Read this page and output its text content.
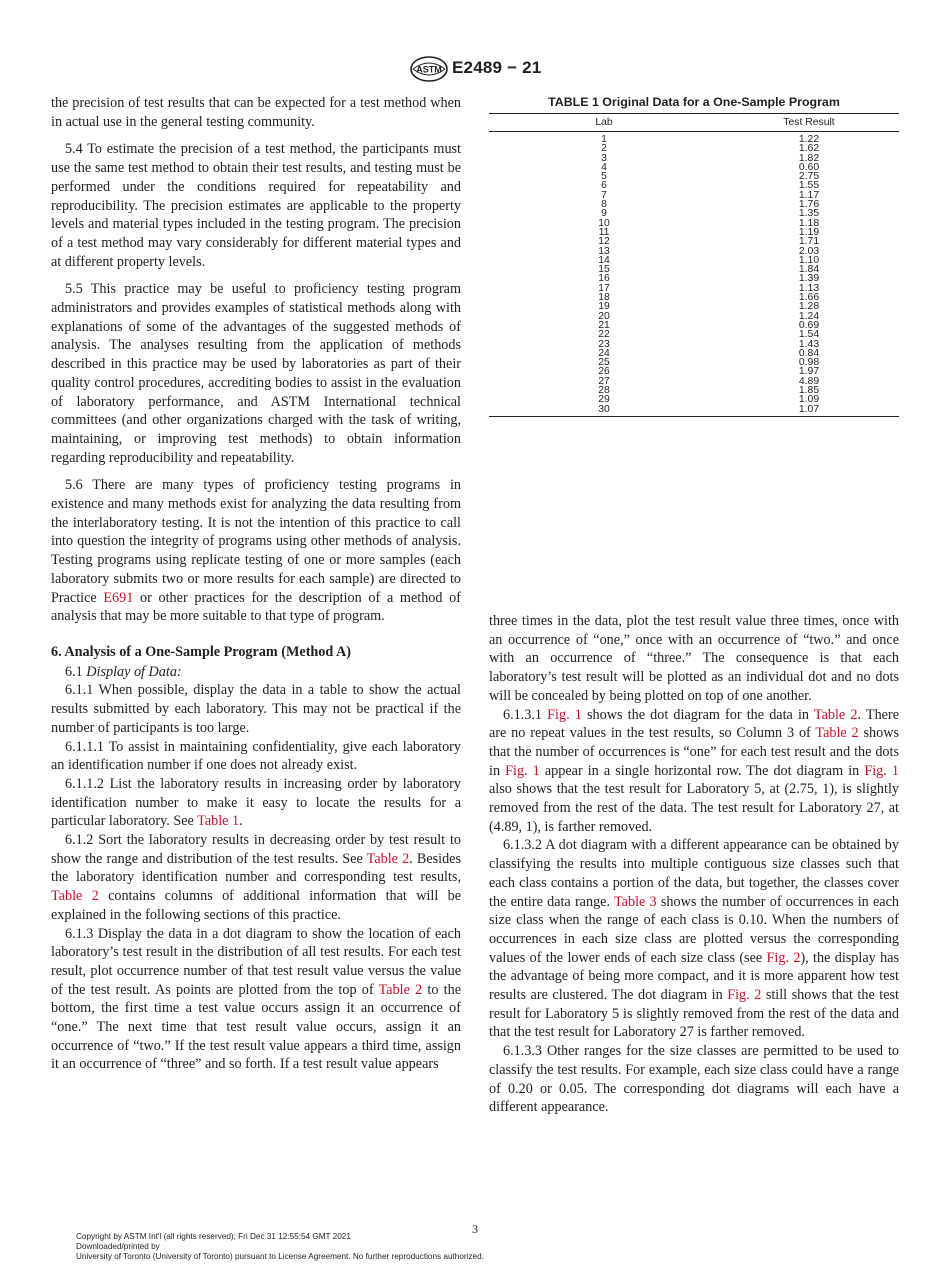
ASTM E2489 − 21

the precision of test results that can be expected for a test method when in actual use in the general testing community.

5.4 To estimate the precision of a test method, the participants must use the same test method to obtain their test results, and testing must be performed under the conditions required for repeatability and reproducibility. The precision estimates are applicable to the property levels and material types included in the testing program. The precision of a test method may vary considerably for different material types and at different property levels.

5.5 This practice may be useful to proficiency testing program administrators and provides examples of statistical methods along with explanations of some of the advantages of the suggested methods of analysis. The analyses resulting from the application of methods described in this practice may be used by laboratories as part of their quality control procedures, accrediting bodies to assist in the evaluation of laboratory performance, and ASTM International technical committees (and other organizations charged with the task of writing, maintaining, or improving test methods) to obtain information regarding reproducibility and repeatability.

5.6 There are many types of proficiency testing programs in existence and many methods exist for analyzing the data resulting from the interlaboratory testing. It is not the intention of this practice to call into question the integrity of programs using other methods of analysis. Testing programs using replicate testing of one or more samples (each laboratory submits two or more results for each sample) are directed to Practice E691 or other practices for the description of a method of analysis that may be more suitable to that type of program.

6. Analysis of a One-Sample Program (Method A)

6.1 Display of Data:

6.1.1 When possible, display the data in a table to show the actual results submitted by each laboratory. This may not be practical if the number of participants is too large.

6.1.1.1 To assist in maintaining confidentiality, give each laboratory an identification number if one does not already exist.

6.1.1.2 List the laboratory results in increasing order by laboratory identification number to make it easy to locate the results for a particular laboratory. See Table 1.

6.1.2 Sort the laboratory results in decreasing order by test result to show the range and distribution of the test results. See Table 2. Besides the laboratory identification number and corresponding test results, Table 2 contains columns of additional information that will be explained in the following sections of this practice.

6.1.3 Display the data in a dot diagram to show the location of each laboratory’s test result in the distribution of all test results. For each test result, plot occurrence number of that test result value versus the value of the test result. As points are plotted from the top of Table 2 to the bottom, the first time a test value occurs assign it an occurrence of “one.” The next time that test result value occurs, assign it an occurrence of “two.” If the test result value appears a third time, assign it an occurrence of “three” and so forth. If a test result value appears

TABLE 1 Original Data for a One-Sample Program
Lab	Test Result
1	1.22
2	1.62
3	1.82
4	0.60
5	2.75
6	1.55
7	1.17
8	1.76
9	1.35
10	1.18
11	1.19
12	1.71
13	2.03
14	1.10
15	1.84
16	1.39
17	1.13
18	1.66
19	1.28
20	1.24
21	0.69
22	1.54
23	1.43
24	0.84
25	0.98
26	1.97
27	4.89
28	1.85
29	1.09
30	1.07

three times in the data, plot the test result value three times, once with an occurrence of “one,” once with an occurrence of “two.” and once with an occurrence of “three.” The consequence is that each laboratory’s test result will be plotted as an individual dot and no dots will be concealed by being plotted on top of one another.

6.1.3.1 Fig. 1 shows the dot diagram for the data in Table 2. There are no repeat values in the test results, so Column 3 of Table 2 shows that the number of occurrences is “one” for each test result and the dots in Fig. 1 appear in a single horizontal row. The dot diagram in Fig. 1 also shows that the test result for Laboratory 5, at (2.75, 1), is slightly removed from the rest of the data. The test result for Laboratory 27, at (4.89, 1), is farther removed.

6.1.3.2 A dot diagram with a different appearance can be obtained by classifying the results into multiple contiguous size classes such that each class contains a portion of the data, but together, the classes cover the entire data range. Table 3 shows the number of occurrences in each size class when the range of each class is 0.10. When the numbers of occurrences in each size class are plotted versus the corresponding values of the lower ends of each size class (see Fig. 2), the display has the advantage of being more compact, and it is more apparent how test results are clustered. The dot diagram in Fig. 2 still shows that the test result for Laboratory 5 is slightly removed from the rest of the data and that the test result for Laboratory 27 is farther removed.

6.1.3.3 Other ranges for the size classes are permitted to be used to classify the test results. For example, each size class could have a range of 0.20 or 0.05. The corresponding dot diagrams will each have a different appearance.

3
Copyright by ASTM Int'l (all rights reserved); Fri Dec 31 12:55:54 GMT 2021
Downloaded/printed by
University of Toronto (University of Toronto) pursuant to License Agreement. No further reproductions authorized.
